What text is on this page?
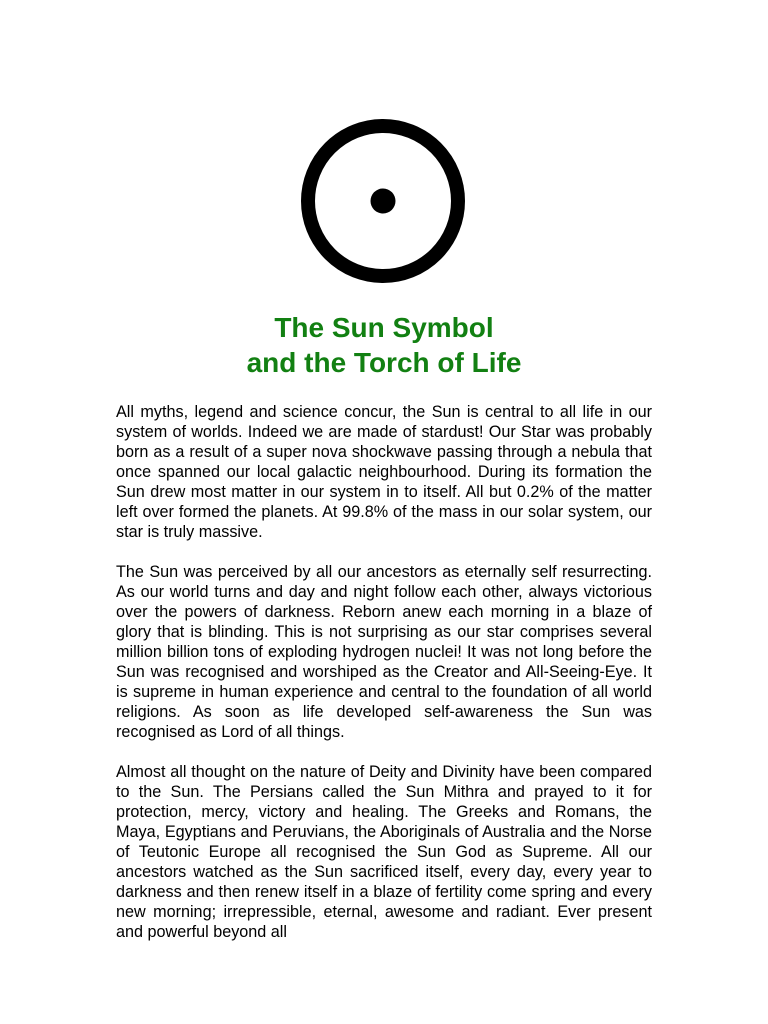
The Sun Symbol
and the Torch of Life

All myths, legend and science concur, the Sun is central to all life in our system of worlds. Indeed we are made of stardust! Our Star was probably born as a result of a super nova shockwave passing through a nebula that once spanned our local galactic neighbourhood. During its formation the Sun drew most matter in our system in to itself. All but 0.2% of the matter left over formed the planets. At 99.8% of the mass in our solar system, our star is truly massive.

The Sun was perceived by all our ancestors as eternally self resurrecting. As our world turns and day and night follow each other, always victorious over the powers of darkness. Reborn anew each morning in a blaze of glory that is blinding. This is not surprising as our star comprises several million billion tons of exploding hydrogen nuclei! It was not long before the Sun was recognised and worshiped as the Creator and All-Seeing-Eye. It is supreme in human experience and central to the foundation of all world religions. As soon as life developed self-awareness the Sun was recognised as Lord of all things.

Almost all thought on the nature of Deity and Divinity have been compared to the Sun. The Persians called the Sun Mithra and prayed to it for protection, mercy, victory and healing. The Greeks and Romans, the Maya, Egyptians and Peruvians, the Aboriginals of Australia and the Norse of Teutonic Europe all recognised the Sun God as Supreme. All our ancestors watched as the Sun sacrificed itself, every day, every year to darkness and then renew itself in a blaze of fertility come spring and every new morning; irrepressible, eternal, awesome and radiant. Ever present and powerful beyond all
